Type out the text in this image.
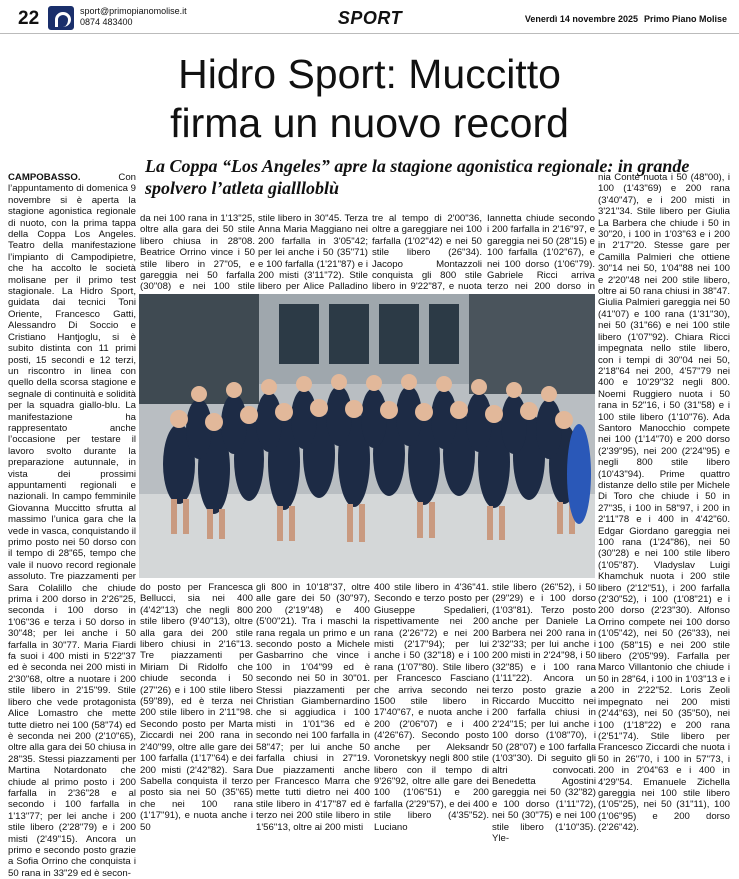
22	sport@primopianomolise.it
0874 483400	SPORT	Venerdì 14 novembre 2025 Primo Piano Molise
Hidro Sport: Muccitto
firma un nuovo record
La Coppa “Los Angeles” apre la stagione agonistica regionale: in grande spolvero l’atleta giallloblù
CAMPOBASSO. Con l’appuntamento di domenica 9 novembre si è aperta la stagione agonistica regionale di nuoto, con la prima tappa della Coppa Los Angeles. Teatro della manifestazione l’impianto di Campodipietre, che ha accolto le società molisane per il primo test stagionale. La Hidro Sport, guidata dai tecnici Toni Oriente, Francesco Gatti, Alessandro Di Soccio e Cristiano Hantjoglu, si è subito distinta con 11 primi posti, 15 secondi e 12 terzi, un riscontro in linea con quello della scorsa stagione e segnale di continuità e solidità per la squadra giallo-blu. La manifestazione ha rappresentato anche l’occasione per testare il lavoro svolto durante la preparazione autunnale, in vista dei prossimi appuntamenti regionali e nazionali. In campo femminile Giovanna Muccitto sfrutta al massimo l’unica gara che la vede in vasca, conquistando il primo posto nei 50 dorso con il tempo di 28"65, tempo che vale il nuovo record regionale assoluto. Tre piazzamenti per Sara Colalillo che chiude prima i 200 dorso in 2'26"25, seconda i 100 dorso in 1'06"36 e terza i 50 dorso in 30"48; per lei anche i 50 farfalla in 30"77. Maria Fiardi fa suoi i 400 misti in 5'22"37 ed è seconda nei 200 misti in 2'30"68, oltre a nuotare i 200 stile libero in 2'15"99. Stile libero che vede protagonista Alice Lomastro che mette tutte dietro nei 100 (58"74) ed è seconda nei 200 (2'10"65), oltre alla gara dei 50 chiusa in 28"35. Stessi piazzamenti per Martina Notardonato che chiude al primo posto i 200 farfalla in 2'36"28 e al secondo i 100 farfalla in 1'13"77; per lei anche i 200 stile libero (2'28"79) e i 200 misti (2'49"15). Ancora un primo e secondo posto grazie a Sofia Orrino che conquista i 50 rana in 33"29 ed è secon-
da nei 100 rana in 1'13"25, oltre alla gara dei 50 stile libero chiusa in 28"08. Beatrice Orrino vince i 50 stile libero in 27"05, e gareggia nei 50 farfalla (30"08) e nei 100 stile
stile libero in 30"45. Terza Anna Maria Maggiano nei 200 farfalla in 3'05"42; per lei anche i 50 (35"71) e 100 farfalla (1'21"87) e i 200 misti (3'11"72). Stile libero per Alice Palladino
tre al tempo di 2'00"36, oltre a gareggiare nei 100 farfalla (1'02"42) e nei 50 stile libero (26"34). Jacopo Montazzoli conquista gli 800 stile libero in 9'22"87, e nuota
Iannetta chiude secondo i 200 farfalla in 2'16"97, e gareggia nei 50 (28"15) e 100 farfalla (1'02"67), e nei 100 dorso (1'06"79). Gabriele Ricci arriva terzo nei 200 dorso in
do posto per Francesca Bellucci, sia nei 400 (4'42"13) che negli 800 stile libero (9'40"13), oltre alla gara dei 200 stile libero chiusi in 2'16"13. Tre piazzamenti per Miriam Di Ridolfo che chiude seconda i 50 (27"26) e i 100 stile libero (59"89), ed è terza nei 200 stile libero in 2'11"98. Secondo posto per Marta Ziccardi nei 200 rana in 2'40"99, oltre alle gare dei 100 farfalla (1'17"64) e dei 200 misti (2'42"82). Sara Sabella conquista il terzo posto sia nei 50 (35"65) che nei 100 rana (1'17"91), e nuota anche i 50
gli 800 in 10'18"37, oltre alle gare dei 50 (30"97), 200 (2'19"48) e 400 (5'00"21). Tra i maschi la rana regala un primo e un secondo posto a Michele Gasbarrino che vince i 100 in 1'04"99 ed è secondo nei 50 in 30"01. Stessi piazzamenti per Christian Giambernardino che si aggiudica i 100 misti in 1'01"36 ed è secondo nei 100 farfalla in 58"47; per lui anche 50 farfalla chiusi in 27"19. Due piazzamenti anche per Francesco Marra che mette tutti dietro nei 400 stile libero in 4'17"87 ed è terzo nei 200 stile libero in 1'56"13, oltre ai 200 misti
400 stile libero in 4'36"41. Secondo e terzo posto per Giuseppe Spedalieri, rispettivamente nei 200 rana (2'26"72) e nei 200 misti (2'17"94); per lui anche i 50 (32"18) e i 100 rana (1'07"80). Stile libero per Francesco Fasciano che arriva secondo nei 1500 stile libero in 17'40"67, e nuota anche i 200 (2'06"07) e i 400 (4'26"67). Secondo posto anche per Aleksandr Voronetskyy negli 800 stile libero con il tempo di 9'26"92, oltre alle gare dei 100 (1'06"51) e 200 farfalla (2'29"57), e dei 400 stile libero (4'35"52). Luciano
stile libero (26"52), i 50 (29"29) e i 100 dorso (1'03"81). Terzo posto anche per Daniele La Barbera nei 200 rana in 2'32"33; per lui anche i 200 misti in 2'24"98, i 50 (32"85) e i 100 rana (1'11"22). Ancora un terzo posto grazie a Riccardo Muccitto nei 200 farfalla chiusi in 2'24"15; per lui anche i 100 dorso (1'08"70), i 50 (28"07) e 100 farfalla (1'03"30). Di seguito gli altri convocati. Benedetta Agostini gareggia nei 50 (32"82) e 100 dorso (1'11"72), nei 50 (30"75) e nei 100 stile libero (1'10"35). Yle-
nia Conte nuota i 50 (48"00), i 100 (1'43"69) e 200 rana (3'40"47), e i 200 misti in 3'21"34. Stile libero per Giulia La Barbera che chiude i 50 in 30"20, i 100 in 1'03"63 e i 200 in 2'17"20. Stesse gare per Camilla Palmieri che ottiene 30"14 nei 50, 1'04"88 nei 100 e 2'20"48 nei 200 stile libero, oltre ai 50 rana chiusi in 38"47. Giulia Palmieri gareggia nei 50 (41"07) e 100 rana (1'31"30), nei 50 (31"66) e nei 100 stile libero (1'07"92). Chiara Ricci impegnata nello stile libero, con i tempi di 30"04 nei 50, 2'18"64 nei 200, 4'57"79 nei 400 e 10'29"32 negli 800. Noemi Ruggiero nuota i 50 rana in 52"16, i 50 (31"58) e i 100 stile libero (1'10"76). Ada Santoro Manocchio compete nei 100 (1'14"70) e 200 dorso (2'39"95), nei 200 (2'24"95) e negli 800 stile libero (10'43"94). Prime quattro distanze dello stile per Michele Di Toro che chiude i 50 in 27"35, i 100 in 58"97, i 200 in 2'11"78 e i 400 in 4'42"60. Edgar Giordano gareggia nei 100 rana (1'24"86), nei 50 (30"28) e nei 100 stile libero (1'05"87). Vladyslav Luigi Khamchuk nuota i 200 stile libero (2'12"51), i 200 farfalla (2'30"52), i 100 (1'08"21) e i 200 dorso (2'23"30). Alfonso Orrino compete nei 100 dorso (1'05"42), nei 50 (26"33), nei 100 (58"15) e nei 200 stile libero (2'05"99). Farfalla per Marco Villantonio che chiude i 50 in 28"64, i 100 in 1'03"13 e i 200 in 2'22"52. Loris Zeoli impegnato nei 200 misti (2'44"63), nei 50 (35"50), nei 100 (1'18"22) e 200 rana (2'51"74). Stile libero per Francesco Ziccardi che nuota i 50 in 26"70, i 100 in 57"73, i 200 in 2'04"63 e i 400 in 4'29"54. Emanuele Zichella gareggia nei 100 stile libero (1'05"25), nei 50 (31"11), 100 (1'06"95) e 200 dorso (2'26"42).
